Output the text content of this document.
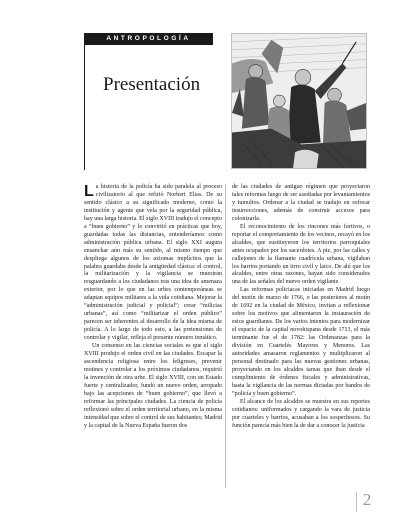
ANTROPOLOGÍA
Presentación

La historia de la policía ha sido paralela al proceso civilizatorio al que refirió Norbert Elias. De su sentido clásico a su significado moderno, como la institución y agente que vela por la seguridad pública, hay una larga historia. El siglo XVIII tradujo el concepto a “buen gobierno” y lo convirtió en prácticas que hoy, guardadas todas las distancias, entenderíamos como administración pública urbana. El siglo XXI augura ensanchar aún más su sentido, al mismo tiempo que despliega algunos de los axiomas implícitos que la palabra guardaba desde la antigüedad clásica: el control, la militarización y la vigilancia se muestran resguardando a los ciudadanos tras una idea de amenaza exterior, por lo que en las urbes contemporáneas se adaptan equipos militares a la vida cotidiana. Mejorar la “administración judicial y policial”; crear “milicias urbanas”, así como “militarizar el orden público” parecen ser inherentes al desarrollo de la idea misma de policía. A lo largo de todo esto, a las pretensiones de controlar y vigilar, refleja el presente número temático.

Un consenso en las ciencias sociales es que el siglo XVIII produjo el orden civil en las ciudades. Escapar la ascendencia religiosa entre los feligreses, prevenir motines y controlar a los próximos ciudadanos, requirió la invención de otra urbe. El siglo XVIII, con un Estado fuerte y centralizador, fundó un nuevo orden, arropado bajo las acepciones de “buen gobierno”, que llevó a reformar las principales ciudades. La ciencia de policía reflexionó sobre el orden territorial urbano, en la misma intensidad que sobre el control de sus habitantes; Madrid y la capital de la Nueva España fueron dos

de las ciudades de antiguo régimen que proyectaron tales reformas luego de ser asediadas por levantamientos y tumultos. Ordenar a la ciudad se tradujo en sofocar insurrecciones, además de construir accesos para colonizarla.

El reconocimiento de los rincones más furtivos, o reportar el comportamiento de los vecinos, recayó en los alcaldes, que sustituyeron los territorios parroquiales antes ocupados por los sacerdotes. A pie, por las calles y callejones de la flamante cuadrícula urbana, vigilaban los barrios portando un tirro civil y laico. De ahí que los alcaldes, entre otras razones, hayan sido considerados una de las señales del nuevo orden vigilante.

Las reformas policiacas iniciadas en Madrid luego del motín de marzo de 1766, o las posteriores al motín de 1692 en la ciudad de México, invitan a reflexionar sobre los motivos que alimentaron la instauración de estos guardianes. De los varios intentos para modernizar el espacio de la capital novohispana desde 1713, el más terminante fue el de 1782: las Ordenanzas para la división en Cuartelés Mayores y Menores. Las autoridades amasaron reglamentos y multiplicaron al personal destinado para las nuevas gestiones urbanas, proyectando en los alcaldes tareas que iban desde el cumplimiento de órdenes fiscales y administrativas, hasta la vigilancia de las normas dictadas por bandos de “policía y buen gobierno”.

El alcance de los alcaldes se muestra en sus reportes cotidianos: uniformados y cargando la vara de justicia por cuarteles y barrios, acusaban a los sospechosos. Su función parecía más bien la de dar a conocer la justicia

2
